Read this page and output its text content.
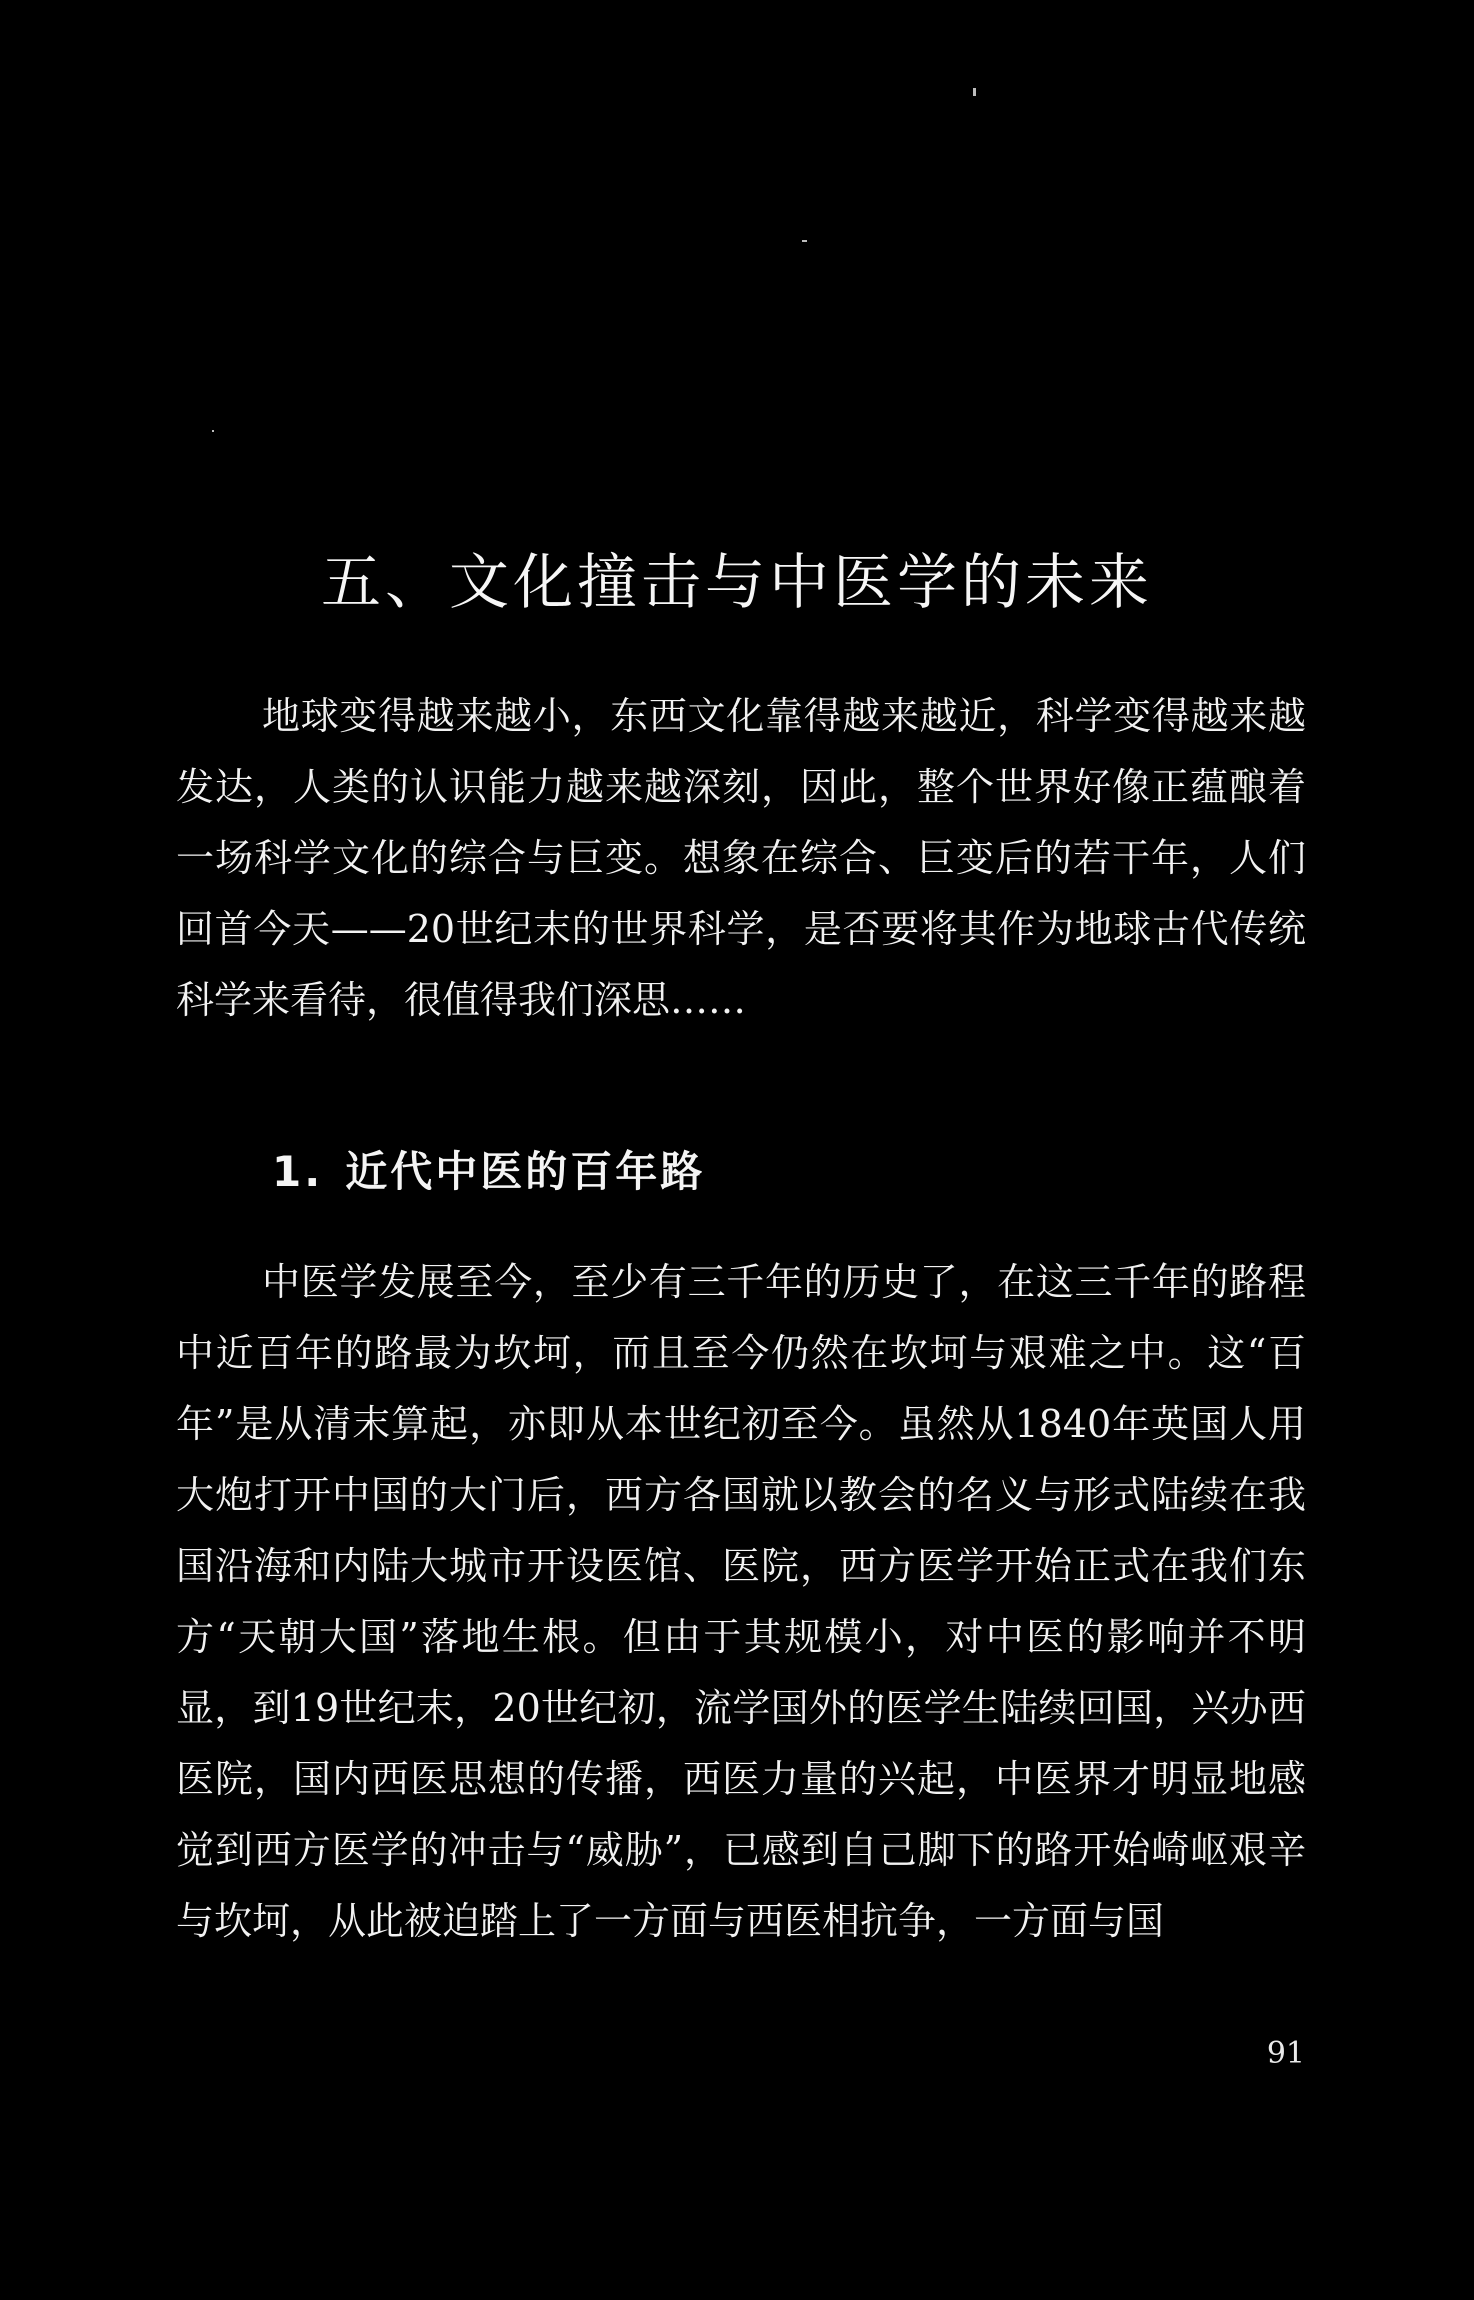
五、文化撞击与中医学的未来

地球变得越来越小，东西文化靠得越来越近，科学变得越来越发达，人类的认识能力越来越深刻，因此，整个世界好像正蕴酿着一场科学文化的综合与巨变。想象在综合、巨变后的若干年，人们回首今天——20世纪末的世界科学，是否要将其作为地球古代传统科学来看待，很值得我们深思……

1. 近代中医的百年路

中医学发展至今，至少有三千年的历史了，在这三千年的路程中近百年的路最为坎坷，而且至今仍然在坎坷与艰难之中。这“百年”是从清末算起，亦即从本世纪初至今。虽然从1840年英国人用大炮打开中国的大门后，西方各国就以教会的名义与形式陆续在我国沿海和内陆大城市开设医馆、医院，西方医学开始正式在我们东方“天朝大国”落地生根。但由于其规模小，对中医的影响并不明显，到19世纪末，20世纪初，流学国外的医学生陆续回国，兴办西医院，国内西医思想的传播，西医力量的兴起，中医界才明显地感觉到西方医学的冲击与“威胁”，已感到自己脚下的路开始崎岖艰辛与坎坷，从此被迫踏上了一方面与西医相抗争，一方面与国

91
